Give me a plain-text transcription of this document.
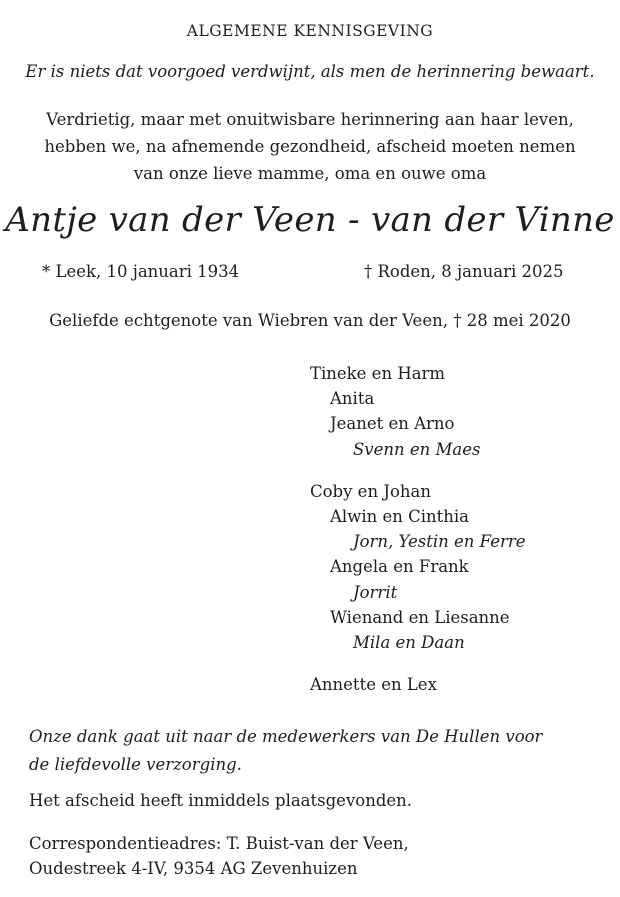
ALGEMENE KENNISGEVING
Er is niets dat voorgoed verdwijnt, als men de herinnering bewaart.
Verdrietig, maar met onuitwisbare herinnering aan haar leven,
hebben we, na afnemende gezondheid, afscheid moeten nemen
van onze lieve mamme, oma en ouwe oma
Antje van der Veen - van der Vinne
* Leek, 10 januari 1934	† Roden, 8 januari 2025
Geliefde echtgenote van Wiebren van der Veen, † 28 mei 2020
Tineke en Harm
Anita
Jeanet en Arno
Svenn en Maes
Coby en Johan
Alwin en Cinthia
Jorn, Yestin en Ferre
Angela en Frank
Jorrit
Wienand en Liesanne
Mila en Daan
Annette en Lex
Onze dank gaat uit naar de medewerkers van De Hullen voor
de liefdevolle verzorging.
Het afscheid heeft inmiddels plaatsgevonden.
Correspondentieadres: T. Buist-van der Veen,
Oudestreek 4-IV, 9354 AG Zevenhuizen
